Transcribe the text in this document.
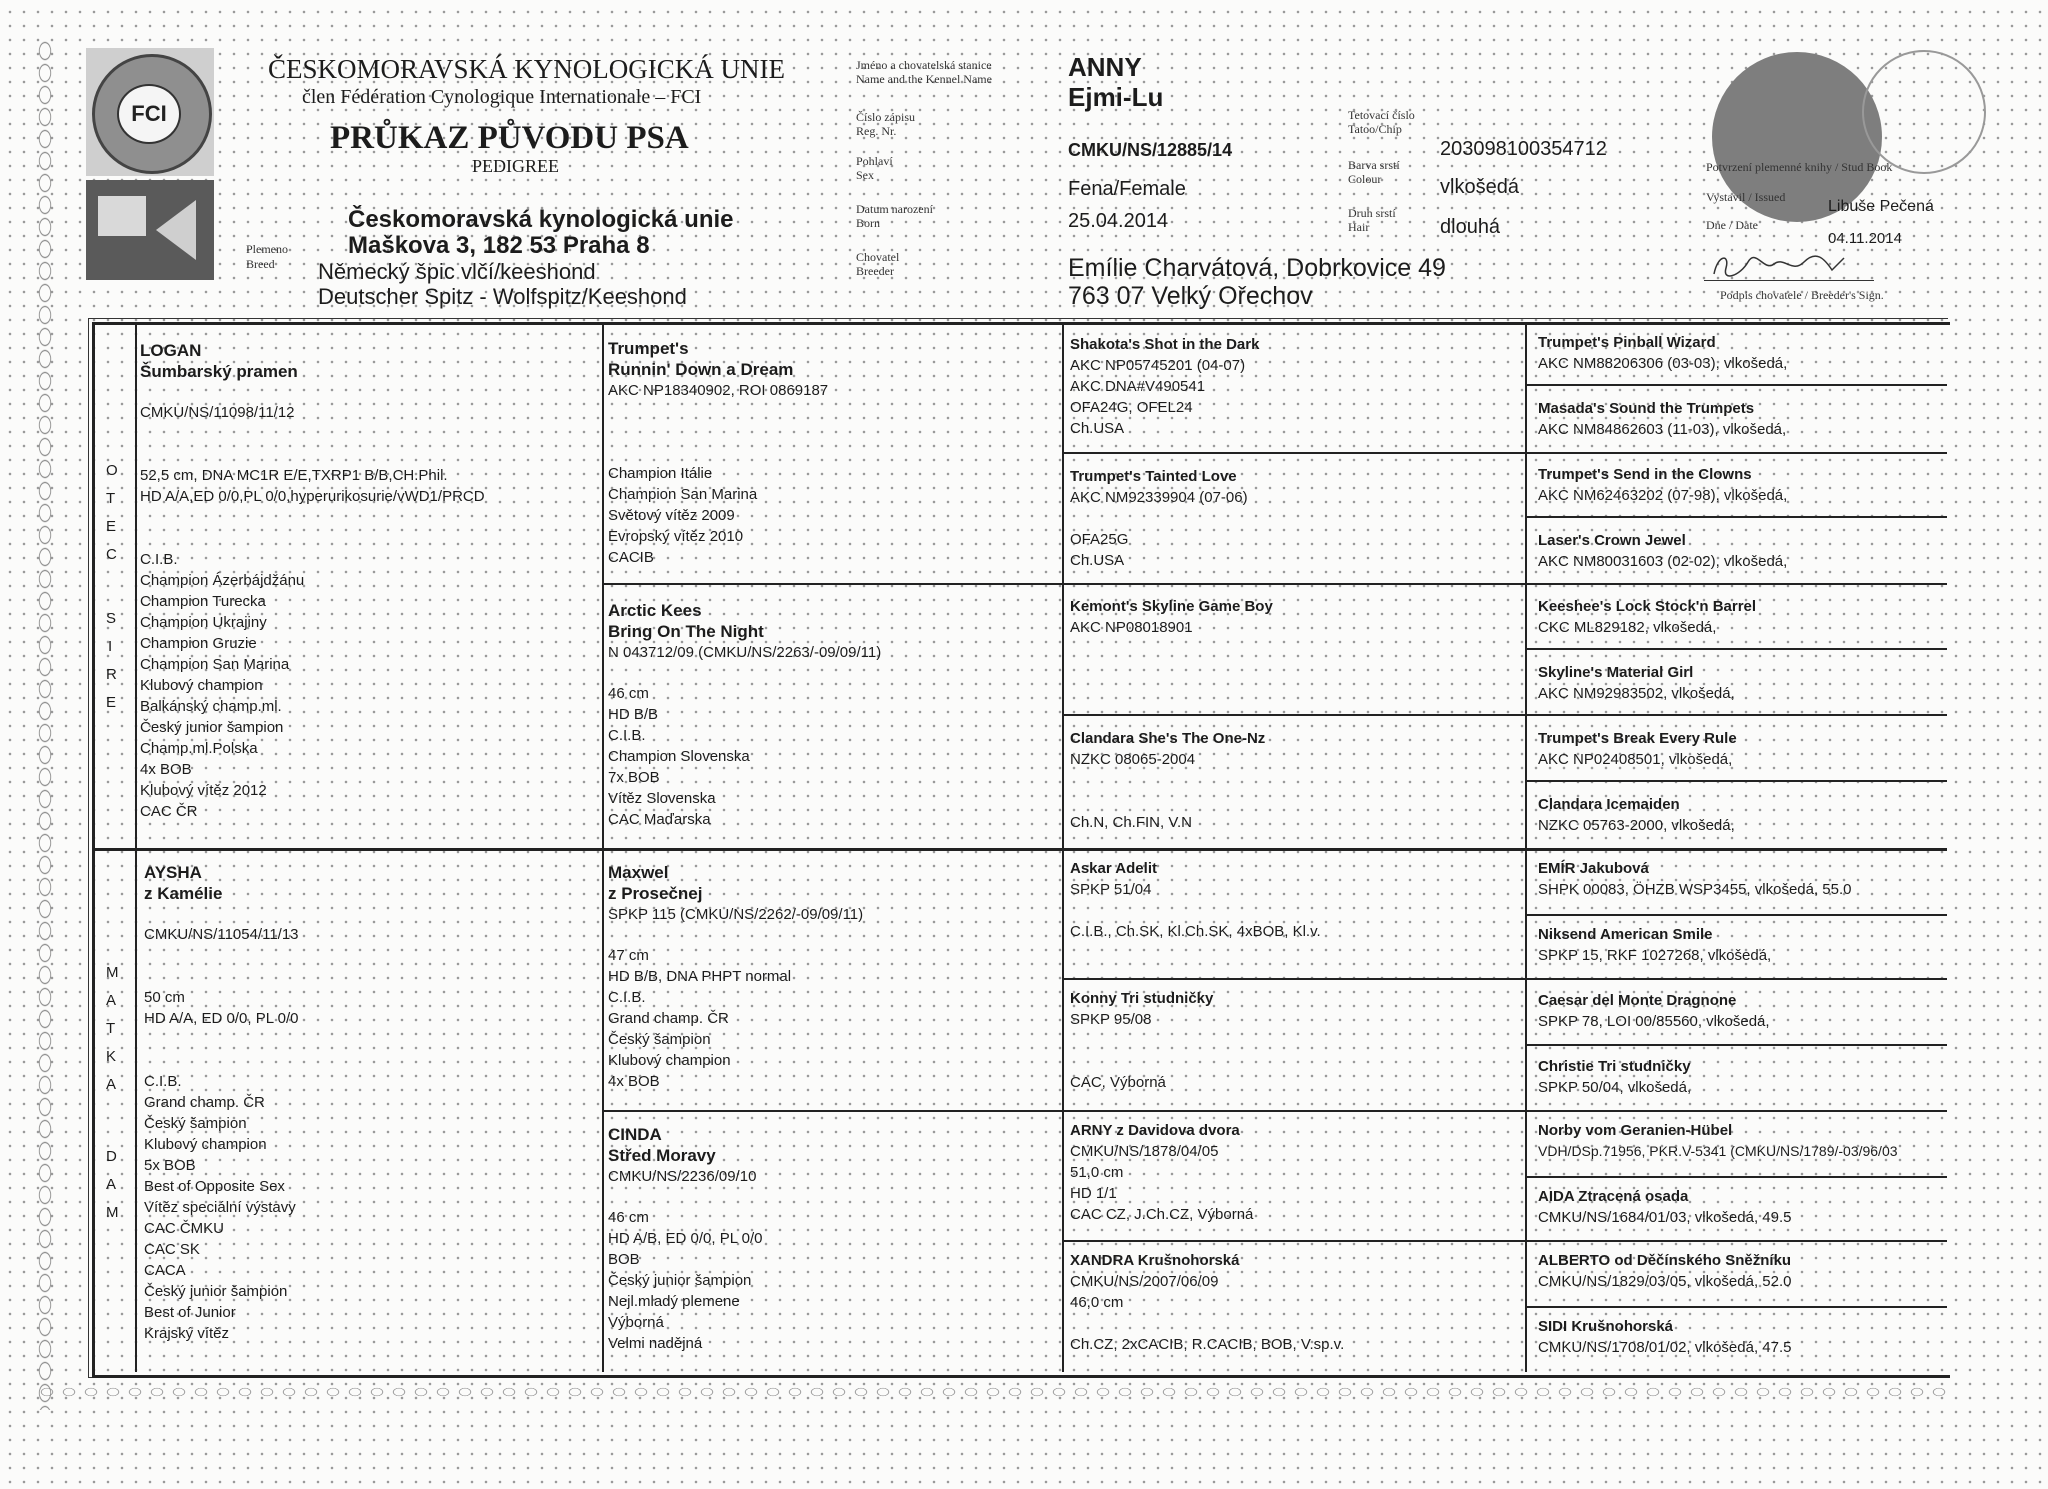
FCI
ČESKOMORAVSKÁ KYNOLOGICKÁ UNIE
člen Fédération Cynologique Internationale – FCI
PRŮKAZ PŮVODU PSA
PEDIGREE
Českomoravská kynologická unie
Maškova 3, 182 53 Praha 8
Plemeno
Breed Německý špic vlčí/keeshond
Deutscher Spitz - Wolfspitz/Keeshond
Jméno a chovatelská stanice
Name and the Kennel Name
Číslo zápisu
Reg. Nr.
Pohlaví
Sex
Datum narození
Born
Chovatel
Breeder
ANNY
Ejmi-Lu
CMKU/NS/12885/14
Fena/Female
25.04.2014
Emílie Charvátová, Dobrkovice 49
763 07 Velký Ořechov
Tetovací číslo
Tatoo/Chip
Barva srstí
Colour
Druh srstí
Hair
203098100354712
vlkošedá
dlouhá
Potvrzení plemenné knihy / Stud Book
Vystavil / Issued
Libuše Pečená
Dne / Date
04.11.2014
Podpis chovatele / Breeder's Sign.
O
T
E
C
S
I
R
E
M
A
T
K
A
D
A
M
LOGAN
Šumbarský pramen
CMKU/NS/11098/11/12
52,5 cm, DNA MC1R E/E,TXRP1 B/B,CH.Phil.
HD A/A,ED 0/0,PL 0/0,hyperurikosurie/vWD1/PRCD
C.I.B.
Champion Ázerbájdžánu
Champion Turecka
Champion Ukrajiny
Champion Gruzie
Champion San Marina
Klubový champion
Balkánský champ.ml.
Český junior šampion
Champ.ml.Polska
4x BOB
Klubový vítěz 2012
CAC ČR
AYSHA
z Kamélie
CMKU/NS/11054/11/13
50 cm
HD A/A, ED 0/0, PL 0/0
C.I.B.
Grand champ. ČR
Český šampion
Klubový champion
5x BOB
Best of Opposite Sex
Vítěz speciální výstavy
CAC ČMKU
CAC SK
CACA
Český junior šampion
Best of Junior
Krajský vítěz
Trumpet's
Runnin' Down a Dream
AKC NP18340902, ROI 0869187
Champion Itálie
Champion San Marina
Světový vítěz 2009
Evropský vítěz 2010
CACIB
Arctic Kees
Bring On The Night
N 043712/09 (CMKU/NS/2263/-09/09/11)
46 cm
HD B/B
C.I.B.
Champion Slovenska
7x BOB
Vítěz Slovenska
CAC Maďarska
Maxwel
z Prosečnej
SPKP 115 (CMKU/NS/2262/-09/09/11)
47 cm
HD B/B, DNA PHPT normal
C.I.B.
Grand champ. ČR
Český šampion
Klubový champion
4x BOB
CINDA
Střed Moravy
CMKU/NS/2236/09/10
46 cm
HD A/B, ED 0/0, PL 0/0
BOB
Český junior šampion
Nejl.mladý plemene
Výborná
Velmi nadějná
Shakota's Shot in the Dark
AKC NP05745201 (04-07)
AKC DNA#V490541
OFA24G, OFEL24
Ch.USA
Trumpet's Tainted Love
AKC NM92339904 (07-06)
OFA25G
Ch.USA
Kemont's Skyline Game Boy
AKC NP08018901
Clandara She's The One-Nz
NZKC 08065-2004
Ch.N, Ch.FIN, V.N
Askar Adelit
SPKP 51/04
C.I.B., Ch.SK, Kl.Ch.SK, 4xBOB, Kl.v.
Konny Tri studničky
SPKP 95/08
CAC, Výborná
ARNY z Davidova dvora
CMKU/NS/1878/04/05
51,0 cm
HD 1/1
CAC CZ, J.Ch.CZ, Výborná
XANDRA Krušnohorská
CMKU/NS/2007/06/09
46,0 cm
Ch.CZ, 2xCACIB, R.CACIB, BOB, V.sp.v.
Trumpet's Pinball Wizard
AKC NM88206306 (03-03), vlkošedá,
Masada's Sound the Trumpets
AKC NM84862603 (11-03), vlkošedá,
Trumpet's Send in the Clowns
AKC NM62463202 (07-98), vlkošedá,
Laser's Crown Jewel
AKC NM80031603 (02-02), vlkošedá,
Keeshee's Lock Stock'n Barrel
CKC ML829182, vlkošedá,
Skyline's Material Girl
AKC NM92983502, vlkošedá,
Trumpet's Break Every Rule
AKC NP02408501, vlkošedá,
Clandara Icemaiden
NZKC 05763-2000, vlkošedá,
EMÍR Jakubová
SHPK 00083, ÖHZB WSP3455, vlkošedá, 55.0
Niksend American Smile
SPKP 15, RKF 1027268, vlkošedá,
Caesar del Monte Dragnone
SPKP 78, LOI 00/85560, vlkošedá,
Christie Tri studničky
SPKP 50/04, vlkošedá,
Norby vom Geranien-Hübel
VDH/DSp.71956, PKR.V-5341 (CMKU/NS/1789/-03/96/03
AIDA Ztracená osada
CMKU/NS/1684/01/03, vlkošedá, 49.5
ALBERTO od Děčínského Sněžníku
CMKU/NS/1829/03/05, vlkošedá, 52.0
SIDI Krušnohorská
CMKU/NS/1708/01/02, vlkošedá, 47.5
